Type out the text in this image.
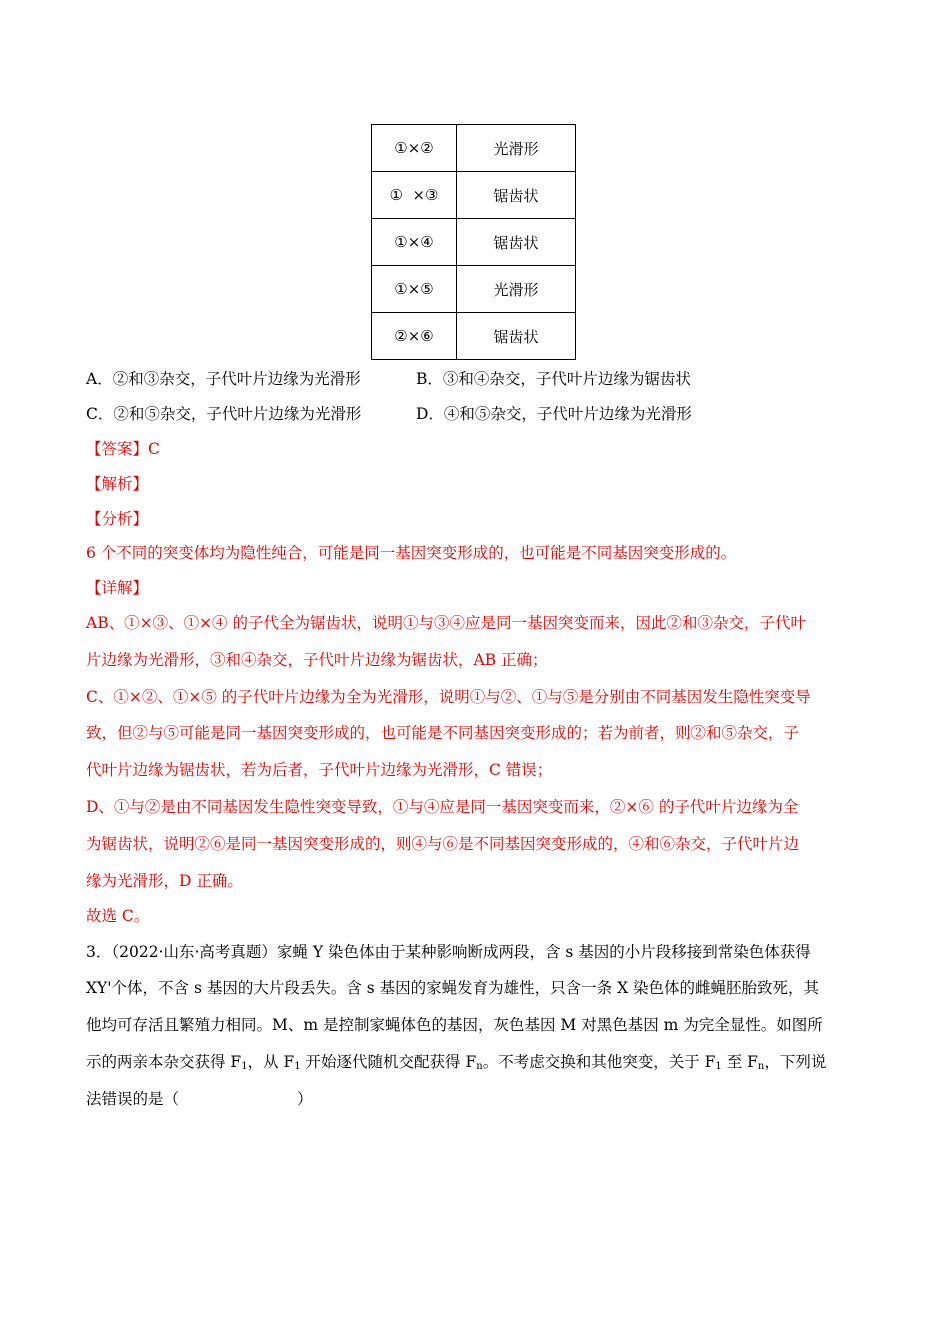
①×②	光滑形
①  ×③	锯齿状
①×④	锯齿状
①×⑤	光滑形
②×⑥	锯齿状
A．②和③杂交，子代叶片边缘为光滑形	B．③和④杂交，子代叶片边缘为锯齿状
C．②和⑤杂交，子代叶片边缘为光滑形	D．④和⑤杂交，子代叶片边缘为光滑形
【答案】C
【解析】
【分析】
6 个不同的突变体均为隐性纯合，可能是同一基因突变形成的，也可能是不同基因突变形成的。
【详解】
AB、①×③、①×④ 的子代全为锯齿状，说明①与③④应是同一基因突变而来，因此②和③杂交，子代叶
片边缘为光滑形，③和④杂交，子代叶片边缘为锯齿状，AB 正确；
C、①×②、①×⑤ 的子代叶片边缘为全为光滑形，说明①与②、①与⑤是分别由不同基因发生隐性突变导
致，但②与⑤可能是同一基因突变形成的，也可能是不同基因突变形成的；若为前者，则②和⑤杂交，子
代叶片边缘为锯齿状，若为后者，子代叶片边缘为光滑形，C 错误；
D、①与②是由不同基因发生隐性突变导致，①与④应是同一基因突变而来，②×⑥ 的子代叶片边缘为全
为锯齿状，说明②⑥是同一基因突变形成的，则④与⑥是不同基因突变形成的，④和⑥杂交，子代叶片边
缘为光滑形，D 正确。
故选 C。
3．（2022·山东·高考真题）家蝇 Y 染色体由于某种影响断成两段，含 s 基因的小片段移接到常染色体获得
XY'个体，不含 s 基因的大片段丢失。含 s 基因的家蝇发育为雄性，只含一条 X 染色体的雌蝇胚胎致死，其
他均可存活且繁殖力相同。M、m 是控制家蝇体色的基因，灰色基因 M 对黑色基因 m 为完全显性。如图所
示的两亲本杂交获得 $F_1$，从 $F_1$ 开始逐代随机交配获得 $F_n$。不考虑交换和其他突变，关于 $F_1$ 至 $F_n$，下列说
法错误的是（	）
